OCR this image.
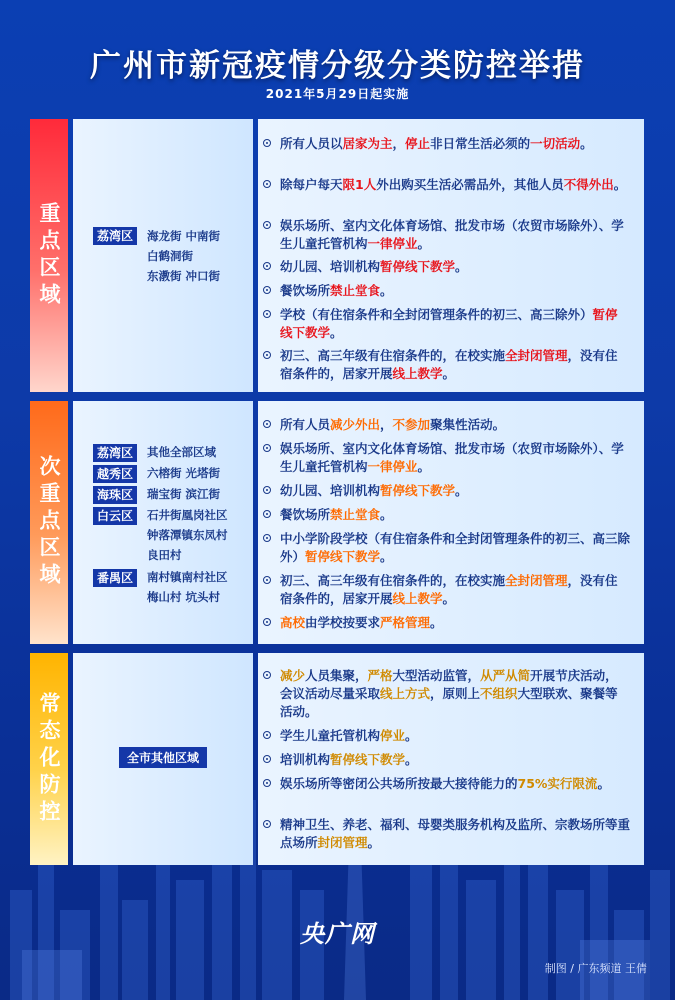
广州市新冠疫情分级分类防控举措
2021年5月29日起实施
重点区域	荔湾区	海龙街 中南街
白鹤洞街
东漖街 冲口街
所有人员以居家为主，停止非日常生活必须的一切活动。
除每户每天限1人外出购买生活必需品外，其他人员不得外出。
娱乐场所、室内文化体育场馆、批发市场（农贸市场除外）、学生儿童托管机构一律停业。
幼儿园、培训机构暂停线下教学。
餐饮场所禁止堂食。
学校（有住宿条件和全封闭管理条件的初三、高三除外）暂停线下教学。
初三、高三年级有住宿条件的，在校实施全封闭管理，没有住宿条件的，居家开展线上教学。
次重点区域
荔湾区	其他全部区域
越秀区	六榕街 光塔街
海珠区	瑞宝街 滨江街
白云区	石井街凰岗社区
钟落潭镇东凤村
良田村
番禺区	南村镇南村社区
梅山村 坑头村
所有人员减少外出，不参加聚集性活动。
娱乐场所、室内文化体育场馆、批发市场（农贸市场除外）、学生儿童托管机构一律停业。
幼儿园、培训机构暂停线下教学。
餐饮场所禁止堂食。
中小学阶段学校（有住宿条件和全封闭管理条件的初三、高三除外）暂停线下教学。
初三、高三年级有住宿条件的，在校实施全封闭管理，没有住宿条件的，居家开展线上教学。
高校由学校按要求严格管理。
常态化防控	全市其他区域
减少人员集聚，严格大型活动监管，从严从简开展节庆活动，会议活动尽量采取线上方式，原则上不组织大型联欢、聚餐等活动。
学生儿童托管机构停业。
培训机构暂停线下教学。
娱乐场所等密闭公共场所按最大接待能力的75%实行限流。
精神卫生、养老、福利、母婴类服务机构及监所、宗教场所等重点场所封闭管理。
央广网
制图 / 广东频道 王倩
